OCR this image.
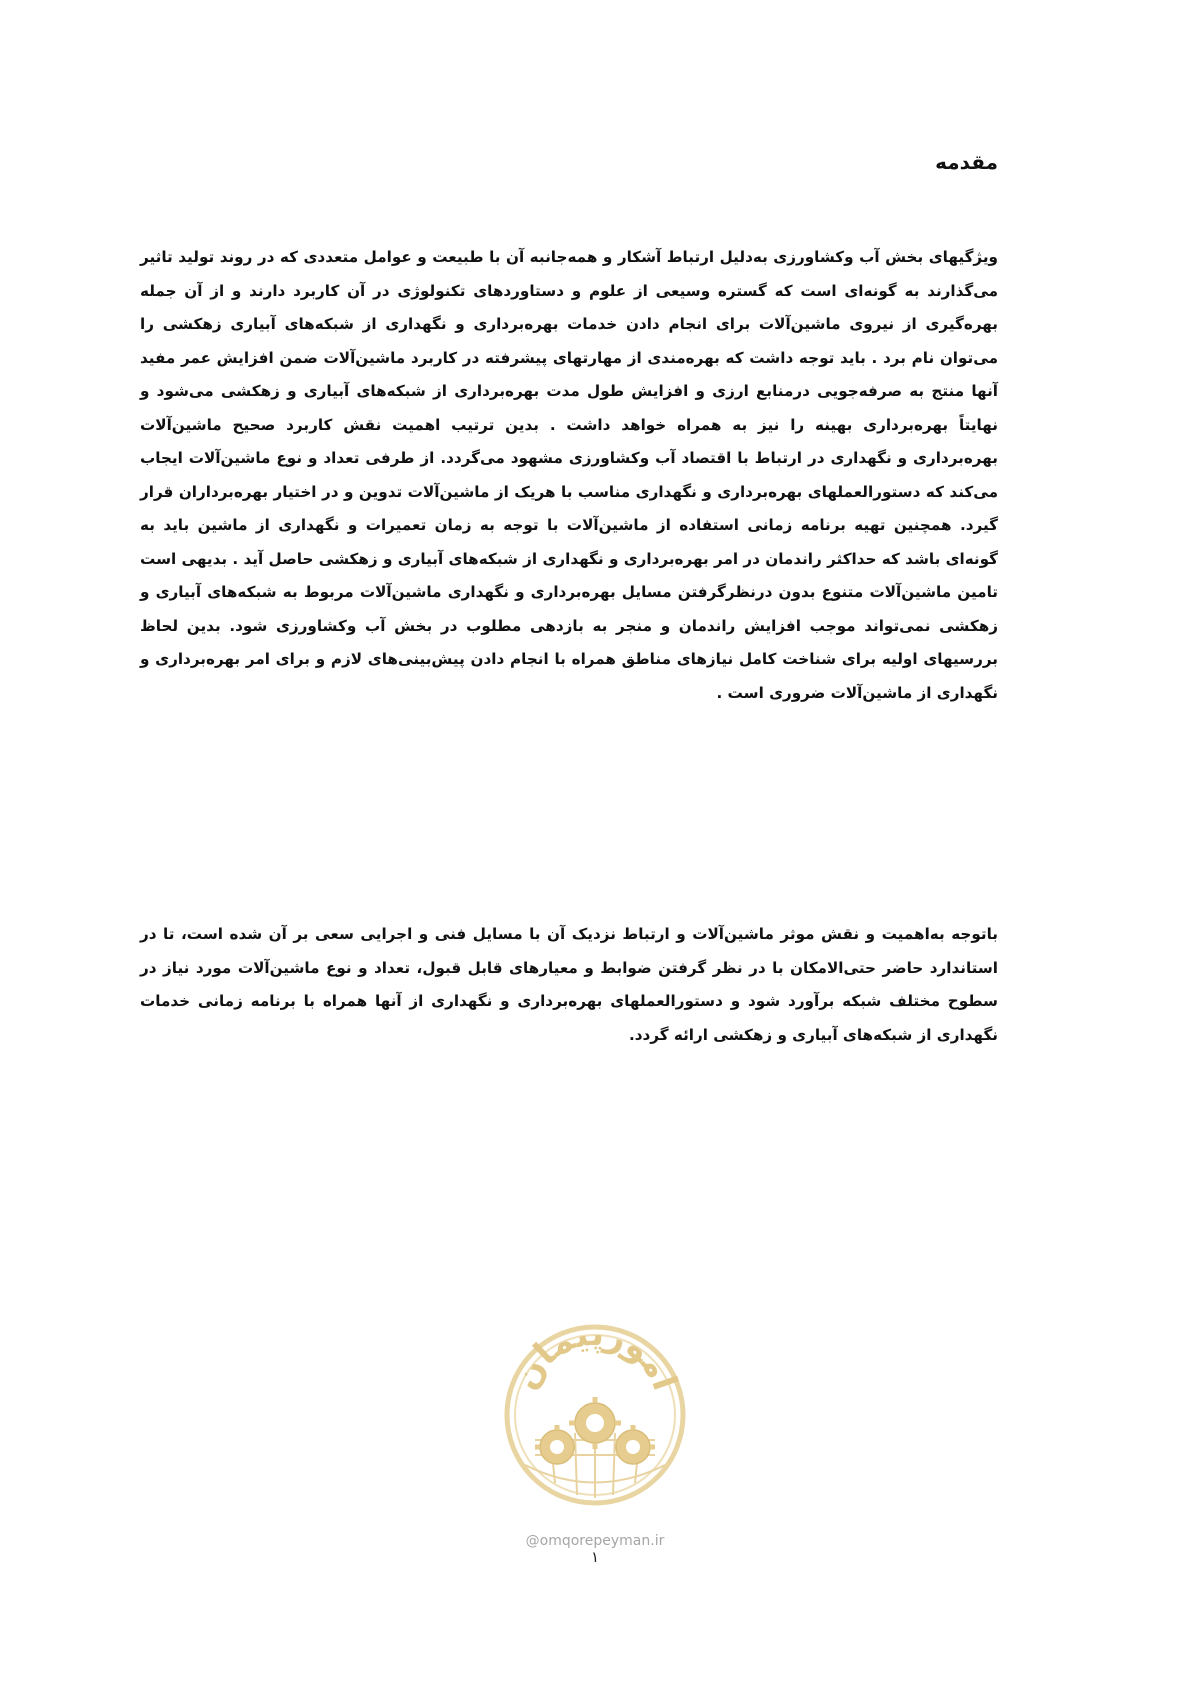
مقدمه

ویژگیهای بخش آب وکشاورزی به‌دلیل ارتباط آشکار و همه‌جانبه آن با طبیعت و عوامل متعددی که در روند تولید تاثیر می‌گذارند به گونه‌ای است که گستره وسیعی از علوم و دستاوردهای تکنولوژی در آن کاربرد دارند و از آن جمله بهره‌گیری از نیروی ماشین‌آلات برای انجام دادن خدمات بهره‌برداری و نگهداری از شبکه‌های آبیاری زهکشی را می‌توان نام برد . باید توجه داشت که بهره‌مندی از مهارتهای پیشرفته در کاربرد ماشین‌آلات ضمن افزایش عمر مفید آنها منتج به صرفه‌جویی درمنابع ارزی و افزایش طول مدت بهره‌برداری از شبکه‌های آبیاری و زهکشی می‌شود و نهایتاً بهره‌برداری بهینه را نیز به همراه خواهد داشت . بدین ترتیب اهمیت نقش کاربرد صحیح ماشین‌آلات بهره‌برداری و نگهداری در ارتباط با اقتصاد آب وکشاورزی مشهود می‌گردد. از طرفی تعداد و نوع ماشین‌آلات ایجاب می‌کند که دستورالعملهای بهره‌برداری و نگهداری مناسب با هریک از ماشین‌آلات تدوین و در اختیار بهره‌برداران قرار گیرد. همچنین تهیه برنامه زمانی استفاده از ماشین‌آلات با توجه به زمان تعمیرات و نگهداری از ماشین باید به گونه‌ای باشد که حداکثر راندمان در امر بهره‌برداری و نگهداری از شبکه‌های آبیاری و زهکشی حاصل آید . بدیهی است تامین ماشین‌آلات متنوع بدون درنظرگرفتن مسایل بهره‌برداری و نگهداری ماشین‌آلات مربوط به شبکه‌های آبیاری و زهکشی نمی‌تواند موجب افزایش راندمان و منجر به بازدهی مطلوب در بخش آب وکشاورزی شود. بدین لحاظ بررسیهای اولیه برای شناخت کامل نیازهای مناطق همراه با انجام دادن پیش‌بینی‌های لازم و برای امر بهره‌برداری و نگهداری از ماشین‌آلات ضروری است .

باتوجه به‌اهمیت و نقش موثر ماشین‌آلات و ارتباط نزدیک آن با مسایل فنی و اجرایی سعی بر آن شده است، تا در استاندارد حاضر حتی‌الامکان با در نظر گرفتن ضوابط و معیارهای قابل قبول، تعداد و نوع ماشین‌آلات مورد نیاز در سطوح مختلف شبکه برآورد شود و دستورالعملهای بهره‌برداری و نگهداری از آنها همراه با برنامه زمانی خدمات نگهداری از شبکه‌های آبیاری و زهکشی ارائه گردد.

امورپیمان
@omqorepeyman.ir
۱
